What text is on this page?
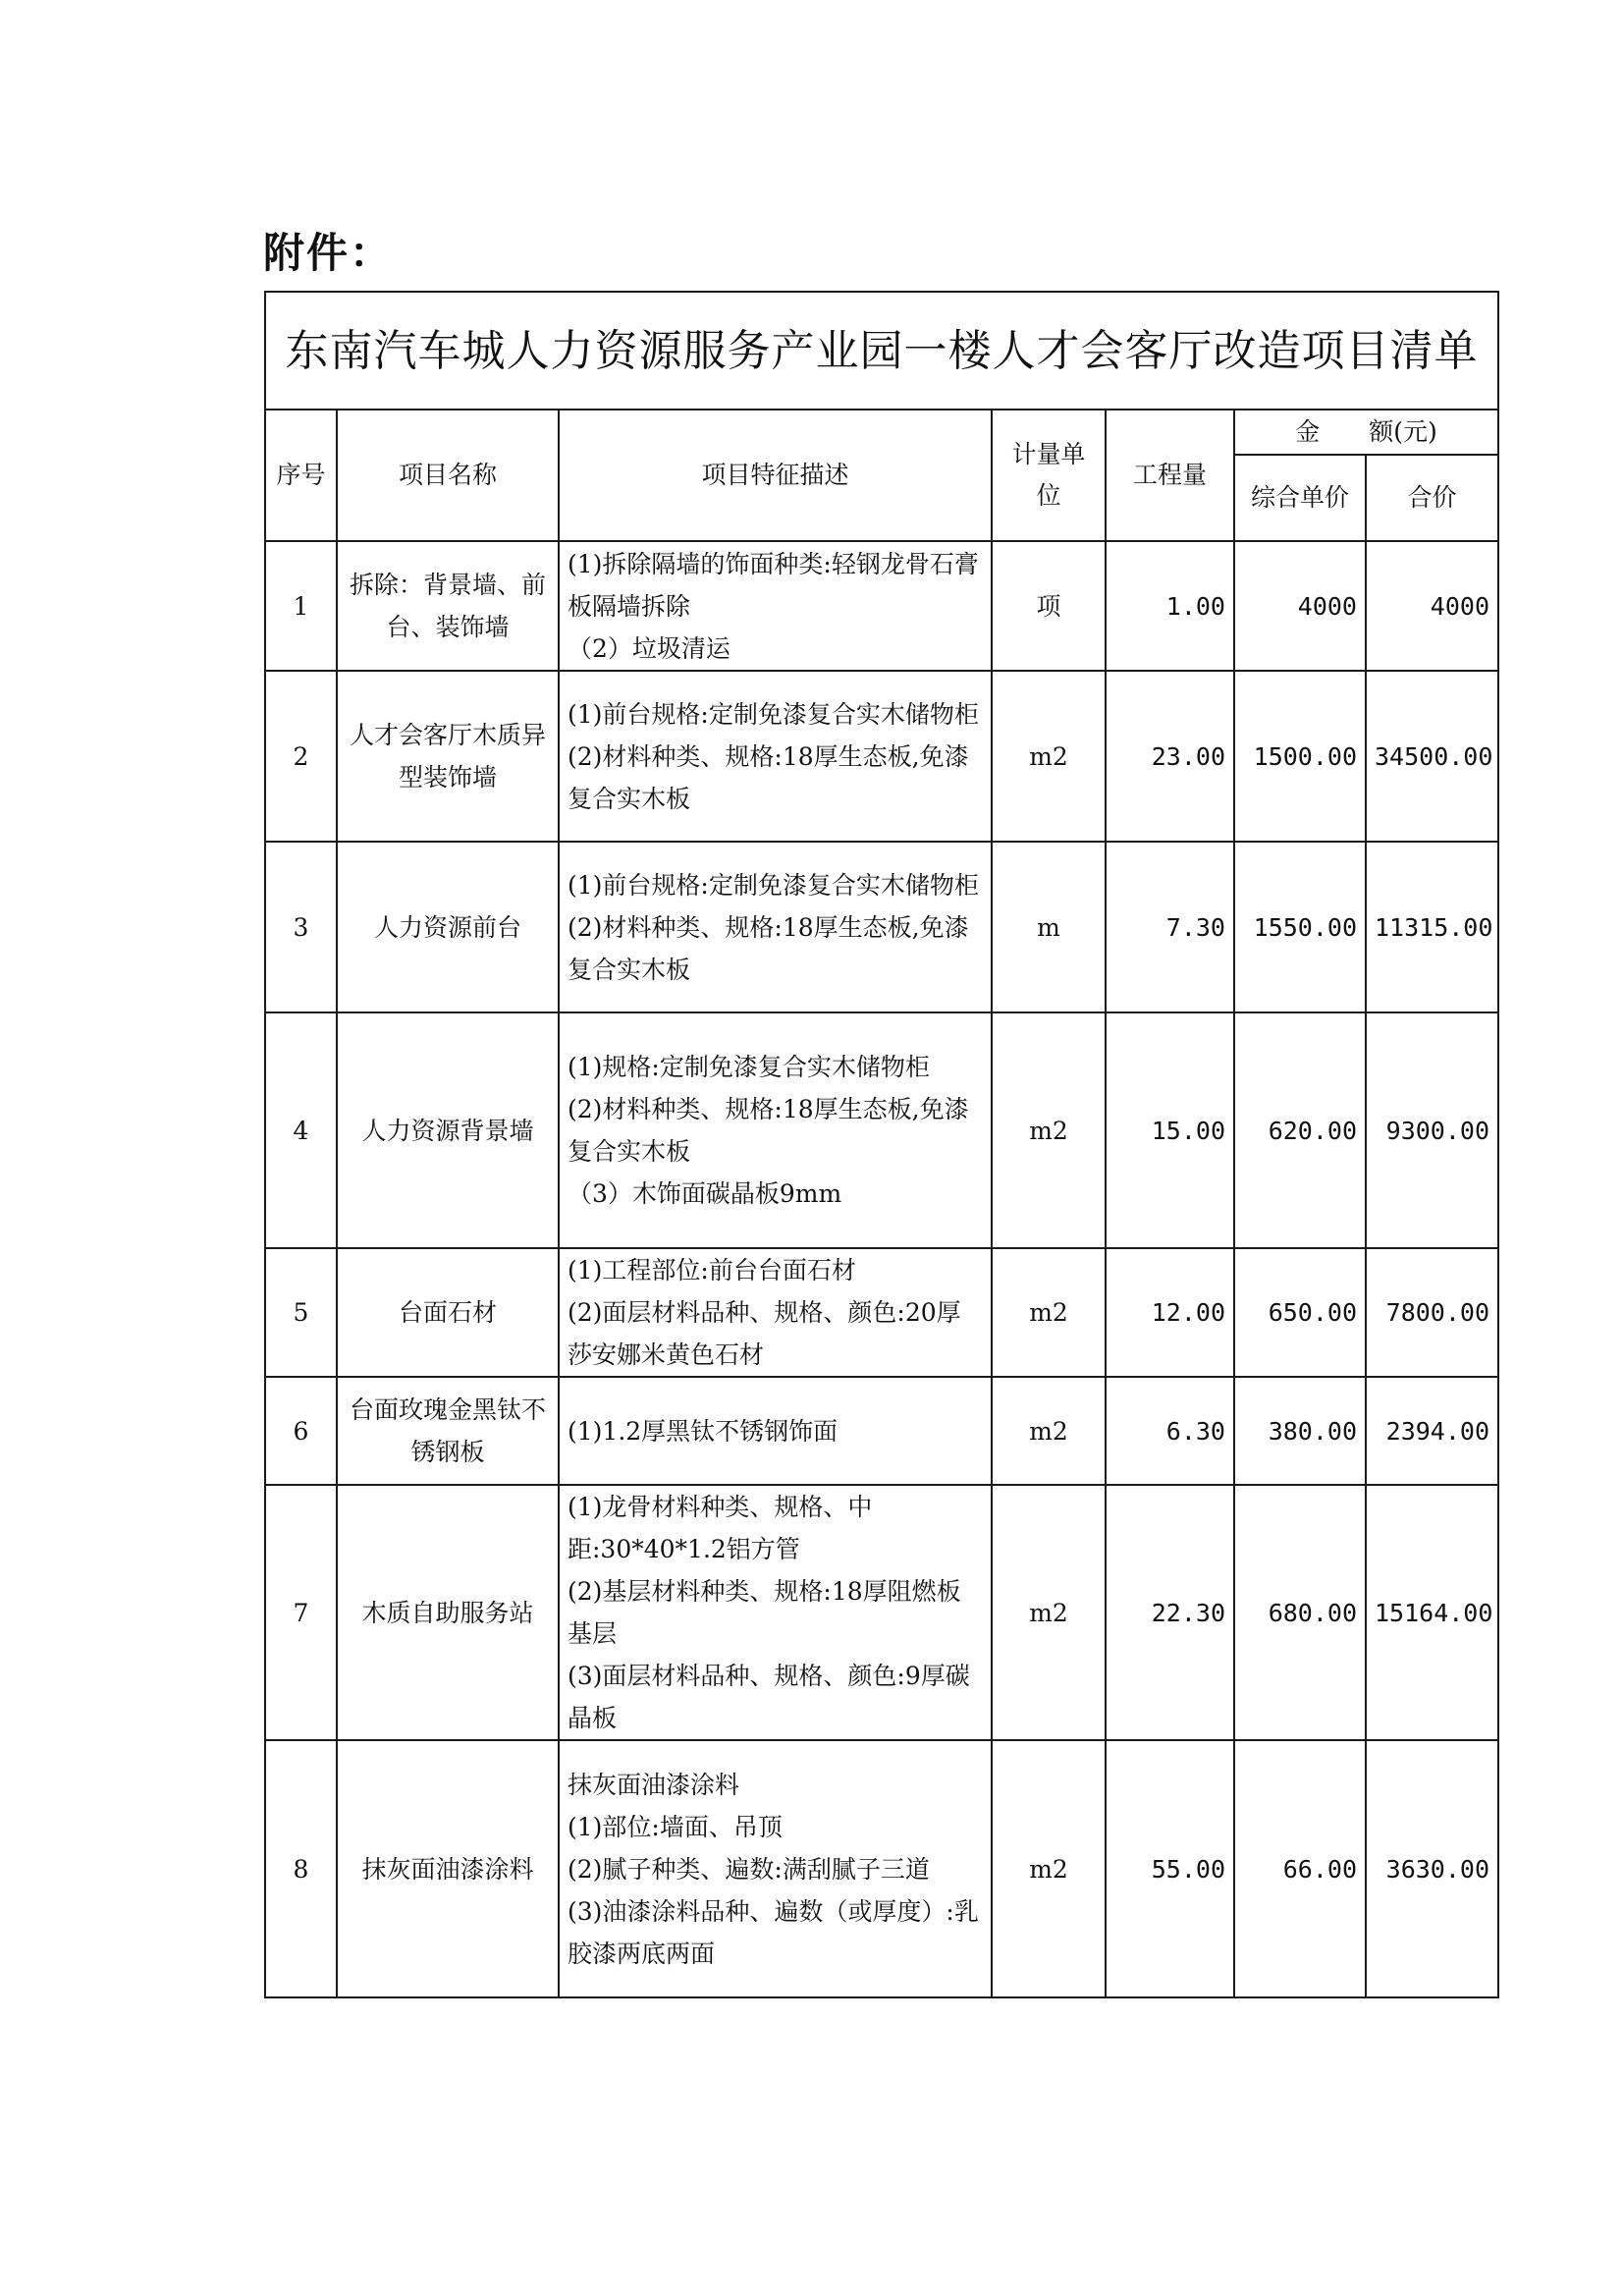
附件：
东南汽车城人力资源服务产业园一楼人才会客厅改造项目清单						
序号	项目名称	项目特征描述	计量单位	工程量	金　　额(元)	
					综合单价	合价
1	拆除：背景墙、前台、装饰墙	(1)拆除隔墙的饰面种类:轻钢龙骨石膏板隔墙拆除
（2）垃圾清运	项	1.00	4000	4000
2	人才会客厅木质异型装饰墙	(1)前台规格:定制免漆复合实木储物柜
(2)材料种类、规格:18厚生态板,免漆复合实木板	m2	23.00	1500.00	34500.00
3	人力资源前台	(1)前台规格:定制免漆复合实木储物柜
(2)材料种类、规格:18厚生态板,免漆复合实木板	m	7.30	1550.00	11315.00
4	人力资源背景墙	(1)规格:定制免漆复合实木储物柜
(2)材料种类、规格:18厚生态板,免漆复合实木板
（3）木饰面碳晶板9mm	m2	15.00	620.00	9300.00
5	台面石材	(1)工程部位:前台台面石材
(2)面层材料品种、规格、颜色:20厚莎安娜米黄色石材	m2	12.00	650.00	7800.00
6	台面玫瑰金黑钛不锈钢板	(1)1.2厚黑钛不锈钢饰面	m2	6.30	380.00	2394.00
7	木质自助服务站	(1)龙骨材料种类、规格、中距:30*40*1.2铝方管
(2)基层材料种类、规格:18厚阻燃板基层
(3)面层材料品种、规格、颜色:9厚碳晶板	m2	22.30	680.00	15164.00
8	抹灰面油漆涂料	抹灰面油漆涂料
(1)部位:墙面、吊顶
(2)腻子种类、遍数:满刮腻子三道
(3)油漆涂料品种、遍数（或厚度）:乳胶漆两底两面	m2	55.00	66.00	3630.00
